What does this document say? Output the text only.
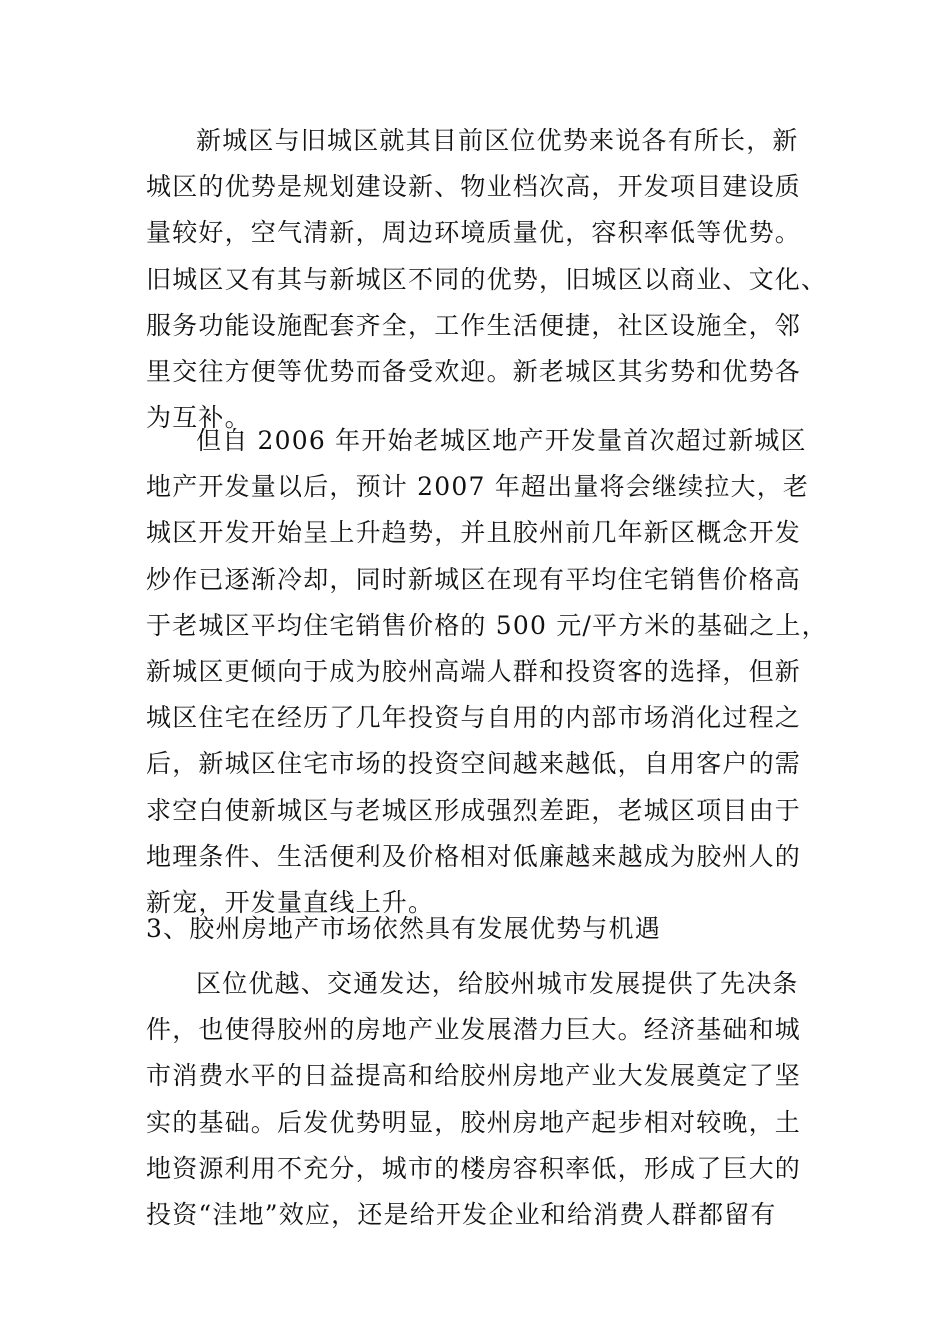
新城区与旧城区就其目前区位优势来说各有所长，新

城区的优势是规划建设新、物业档次高，开发项目建设质

量较好，空气清新，周边环境质量优，容积率低等优势。

旧城区又有其与新城区不同的优势，旧城区以商业、文化、

服务功能设施配套齐全，工作生活便捷，社区设施全，邻

里交往方便等优势而备受欢迎。新老城区其劣势和优势各

为互补。

但自 2006 年开始老城区地产开发量首次超过新城区

地产开发量以后，预计 2007 年超出量将会继续拉大，老

城区开发开始呈上升趋势，并且胶州前几年新区概念开发

炒作已逐渐冷却，同时新城区在现有平均住宅销售价格高

于老城区平均住宅销售价格的 500 元/平方米的基础之上，

新城区更倾向于成为胶州高端人群和投资客的选择，但新

城区住宅在经历了几年投资与自用的内部市场消化过程之

后，新城区住宅市场的投资空间越来越低，自用客户的需

求空白使新城区与老城区形成强烈差距，老城区项目由于

地理条件、生活便利及价格相对低廉越来越成为胶州人的

新宠，开发量直线上升。

3、胶州房地产市场依然具有发展优势与机遇

区位优越、交通发达，给胶州城市发展提供了先决条

件，也使得胶州的房地产业发展潜力巨大。经济基础和城

市消费水平的日益提高和给胶州房地产业大发展奠定了坚

实的基础。后发优势明显，胶州房地产起步相对较晚，土

地资源利用不充分，城市的楼房容积率低，形成了巨大的

投资“洼地”效应，还是给开发企业和给消费人群都留有
